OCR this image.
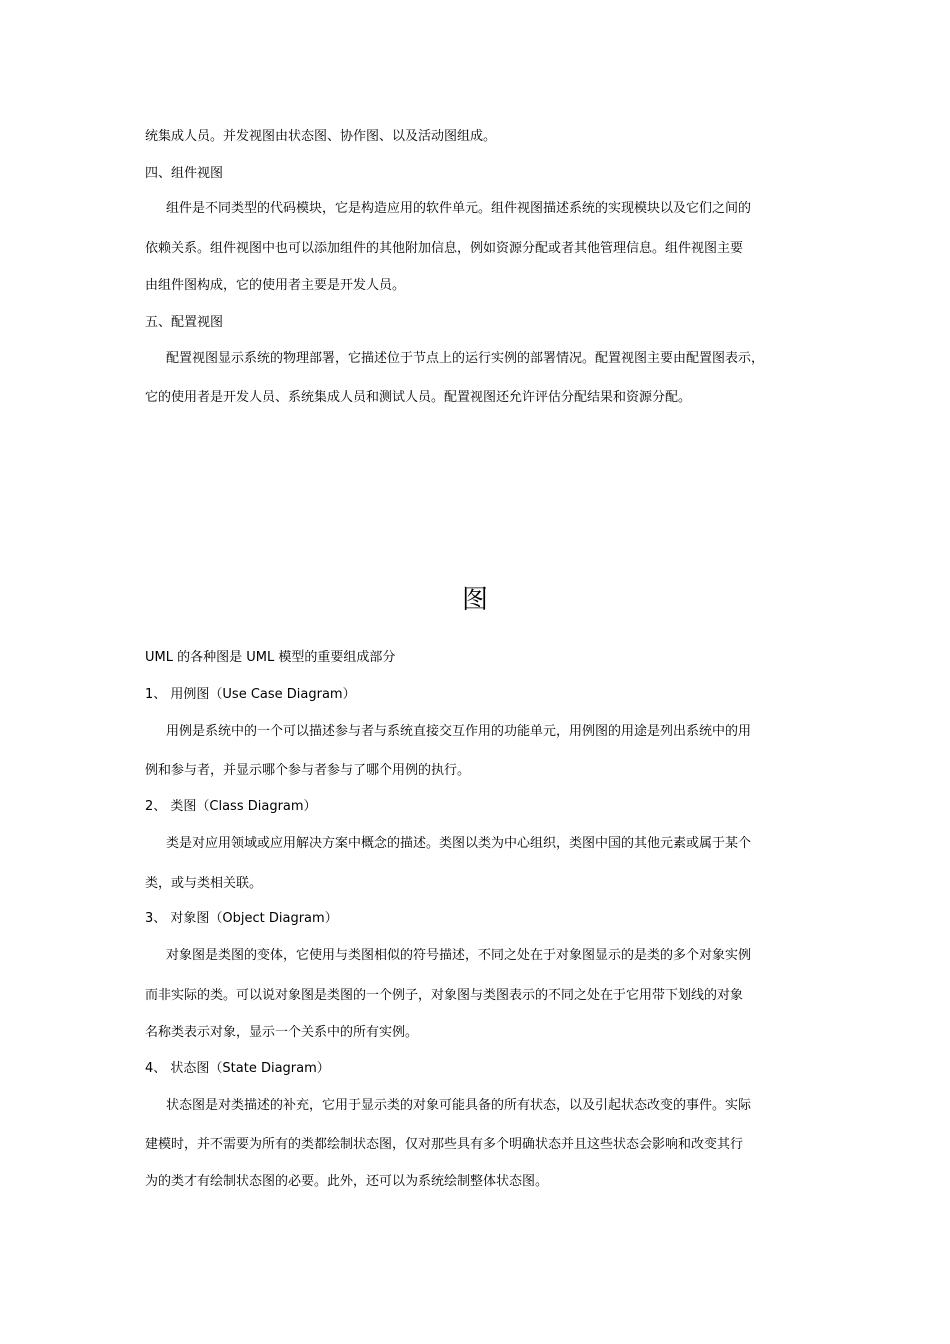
统集成人员。并发视图由状态图、协作图、以及活动图组成。
四、组件视图
组件是不同类型的代码模块，它是构造应用的软件单元。组件视图描述系统的实现模块以及它们之间的
依赖关系。组件视图中也可以添加组件的其他附加信息，例如资源分配或者其他管理信息。组件视图主要
由组件图构成，它的使用者主要是开发人员。
五、配置视图
配置视图显示系统的物理部署，它描述位于节点上的运行实例的部署情况。配置视图主要由配置图表示，
它的使用者是开发人员、系统集成人员和测试人员。配置视图还允许评估分配结果和资源分配。
图
UML 的各种图是 UML 模型的重要组成部分
1、 用例图（Use Case Diagram）
用例是系统中的一个可以描述参与者与系统直接交互作用的功能单元，用例图的用途是列出系统中的用
例和参与者，并显示哪个参与者参与了哪个用例的执行。
2、 类图（Class Diagram）
类是对应用领域或应用解决方案中概念的描述。类图以类为中心组织，类图中国的其他元素或属于某个
类，或与类相关联。
3、 对象图（Object Diagram）
对象图是类图的变体，它使用与类图相似的符号描述，不同之处在于对象图显示的是类的多个对象实例
而非实际的类。可以说对象图是类图的一个例子，对象图与类图表示的不同之处在于它用带下划线的对象
名称类表示对象，显示一个关系中的所有实例。
4、 状态图（State Diagram）
状态图是对类描述的补充，它用于显示类的对象可能具备的所有状态，以及引起状态改变的事件。实际
建模时，并不需要为所有的类都绘制状态图，仅对那些具有多个明确状态并且这些状态会影响和改变其行
为的类才有绘制状态图的必要。此外，还可以为系统绘制整体状态图。
